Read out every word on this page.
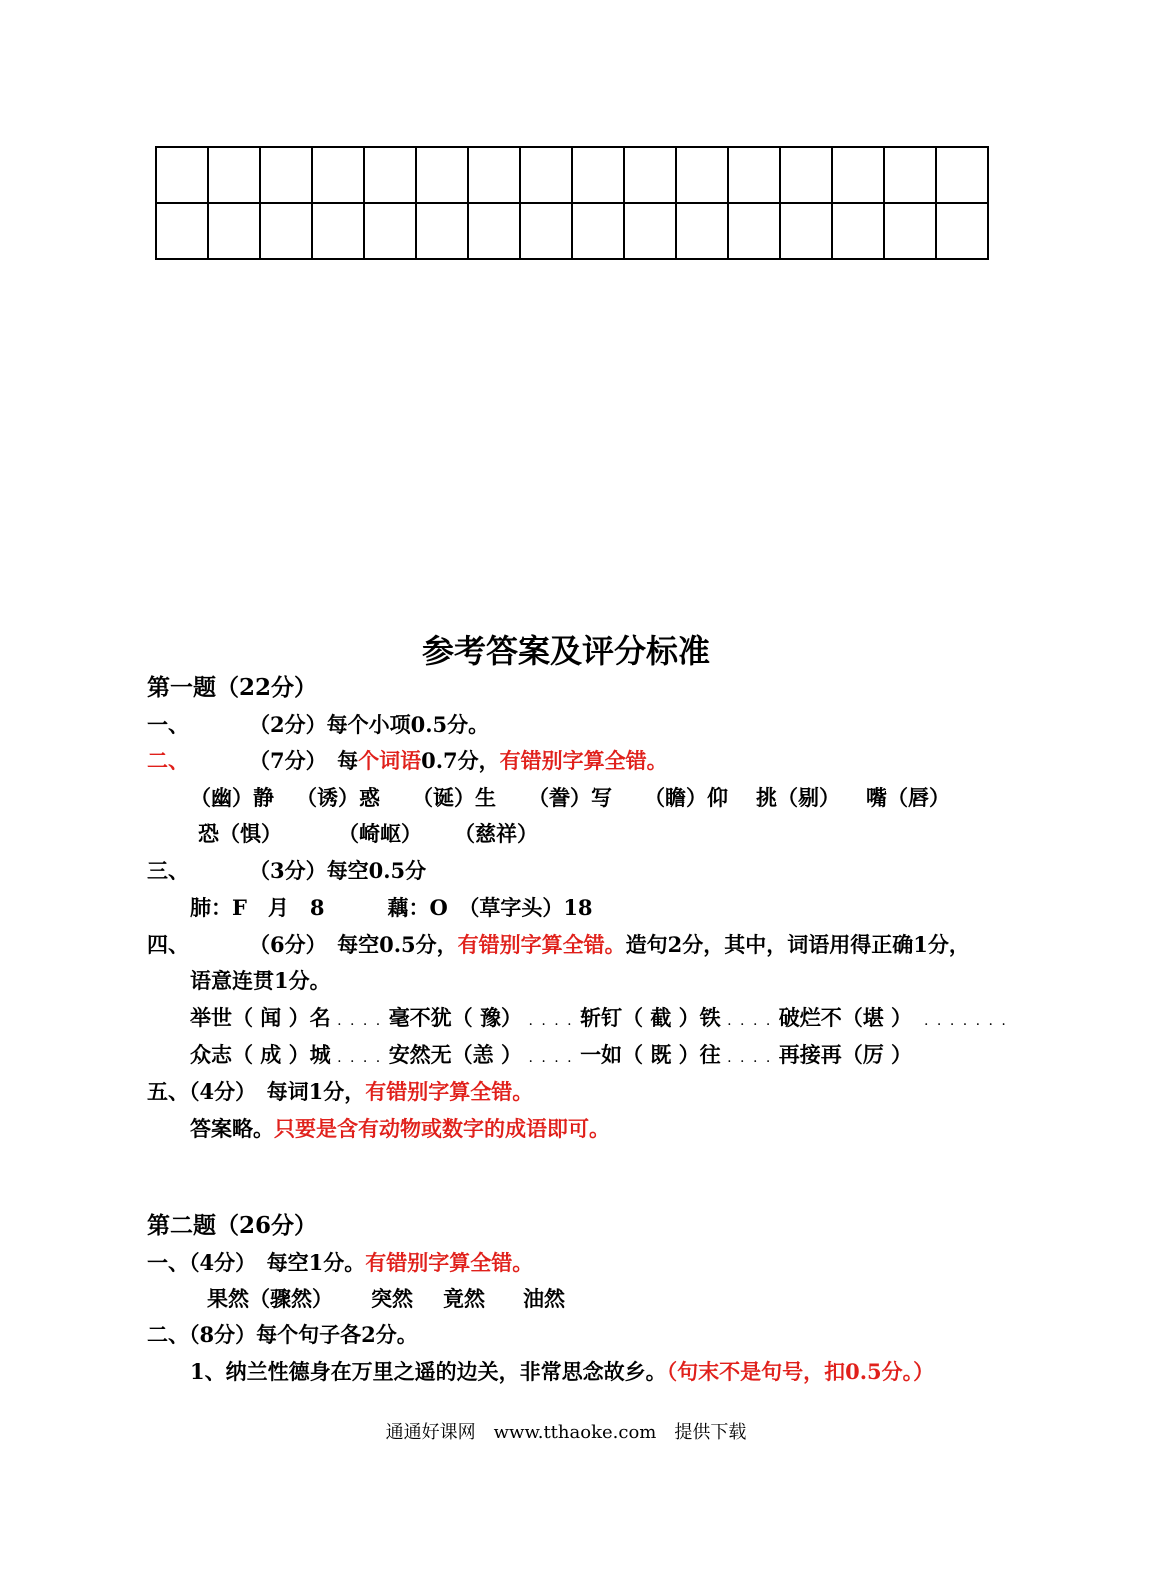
参考答案及评分标准
第一题（22分）
一、	（2分）每个小项0.5分。
二、	（7分）　每个词语0.7分，有错别字算全错。
（幽）静 （诱）惑 （诞）生 （誊）写 （瞻）仰 挑（剔） 嘴（唇）
恐（惧）	（崎岖） （慈祥）
三、	（3分）每空0.5分
肺：F　月　8　　　藕：O　（草字头）18
四、	（6分）　每空0.5分，有错别字算全错。造句2分，其中，词语用得正确1分，
语意连贯1分。
举世（ 闻 ）名 . . . . 毫不犹（ 豫） . . . . 斩钉（ 截 ）铁 . . . . 破烂不（堪 ）　 . . . . . . .
众志（ 成 ）城 . . . . 安然无（恙 ） . . . . 一如（ 既 ）往 . . . . 再接再（厉 ）
五、（4分）　每词1分，有错别字算全错。
答案略。只要是含有动物或数字的成语即可。
第二题（26分）
一、（4分）　每空1分。有错别字算全错。
果然（骤然） 突然 竟然 油然
二、（8分）每个句子各2分。
1、纳兰性德身在万里之遥的边关，非常思念故乡。（句末不是句号，扣0.5分。）
通通好课网　www.tthaoke.com　提供下载
